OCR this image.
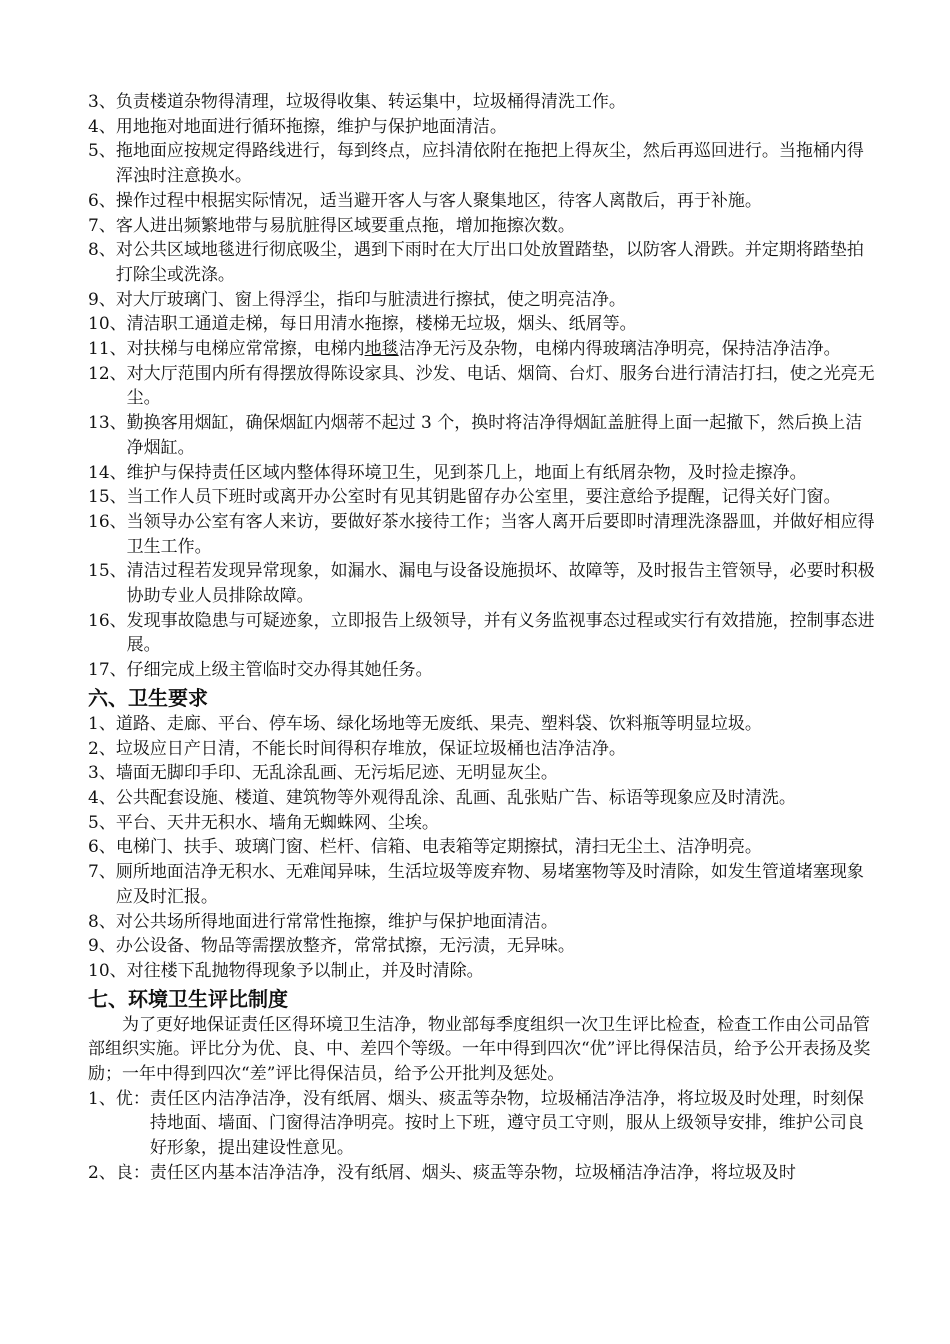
3、 负责楼道杂物得清理，垃圾得收集、转运集中，垃圾桶得清洗工作。
4、 用地拖对地面进行循环拖擦，维护与保护地面清洁。
5、 拖地面应按规定得路线进行，每到终点，应抖清依附在拖把上得灰尘，然后再巡回进行。当拖桶内得浑浊时注意换水。
6、 操作过程中根据实际情况，适当避开客人与客人聚集地区，待客人离散后，再于补施。
7、 客人进出频繁地带与易肮脏得区域要重点拖，增加拖擦次数。
8、 对公共区域地毯进行彻底吸尘，遇到下雨时在大厅出口处放置踏垫，以防客人滑跌。并定期将踏垫拍打除尘或洗涤。
9、 对大厅玻璃门、窗上得浮尘，指印与脏渍进行擦拭，使之明亮洁净。
10、 清洁职工通道走梯，每日用清水拖擦，楼梯无垃圾，烟头、纸屑等。
11、 对扶梯与电梯应常常擦，电梯内地毯洁净无污及杂物，电梯内得玻璃洁净明亮，保持洁净洁净。
12、 对大厅范围内所有得摆放得陈设家具、沙发、电话、烟筒、台灯、服务台进行清洁打扫，使之光亮无尘。
13、 勤换客用烟缸，确保烟缸内烟蒂不起过 3 个，换时将洁净得烟缸盖脏得上面一起撤下，然后换上洁净烟缸。
14、 维护与保持责任区域内整体得环境卫生，见到茶几上，地面上有纸屑杂物，及时捡走擦净。
15、 当工作人员下班时或离开办公室时有见其钥匙留存办公室里，要注意给予提醒，记得关好门窗。
16、 当领导办公室有客人来访，要做好茶水接待工作；当客人离开后要即时清理洗涤器皿，并做好相应得卫生工作。
15、 清洁过程若发现异常现象，如漏水、漏电与设备设施损坏、故障等，及时报告主管领导，必要时积极协助专业人员排除故障。
16、 发现事故隐患与可疑迹象，立即报告上级领导，并有义务监视事态过程或实行有效措施，控制事态进展。
17、 仔细完成上级主管临时交办得其她任务。
六、卫生要求
1、 道路、走廊、平台、停车场、绿化场地等无废纸、果壳、塑料袋、饮料瓶等明显垃圾。
2、 垃圾应日产日清，不能长时间得积存堆放，保证垃圾桶也洁净洁净。
3、 墙面无脚印手印、无乱涂乱画、无污垢尼迹、无明显灰尘。
4、公共配套设施、楼道、建筑物等外观得乱涂、乱画、乱张贴广告、标语等现象应及时清洗。
5、 平台、天井无积水、墙角无蜘蛛网、尘埃。
6、 电梯门、扶手、玻璃门窗、栏杆、信箱、电表箱等定期擦拭，清扫无尘土、洁净明亮。
7、 厕所地面洁净无积水、无难闻异味，生活垃圾等废弃物、易堵塞物等及时清除，如发生管道堵塞现象应及时汇报。
8、 对公共场所得地面进行常常性拖擦，维护与保护地面清洁。
9、 办公设备、物品等需摆放整齐，常常拭擦，无污渍，无异味。
10、 对往楼下乱抛物得现象予以制止，并及时清除。
七、环境卫生评比制度
为了更好地保证责任区得环境卫生洁净，物业部每季度组织一次卫生评比检查，检查工作由公司品管部组织实施。评比分为优、良、中、差四个等级。一年中得到四次“优”评比得保洁员，给予公开表扬及奖励；一年中得到四次“差”评比得保洁员，给予公开批判及惩处。
1、优： 责任区内洁净洁净，没有纸屑、烟头、痰盂等杂物，垃圾桶洁净洁净，将垃圾及时处理，时刻保持地面、墙面、门窗得洁净明亮。按时上下班，遵守员工守则，服从上级领导安排，维护公司良好形象，提出建设性意见。
2、良： 责任区内基本洁净洁净，没有纸屑、烟头、痰盂等杂物，垃圾桶洁净洁净，将垃圾及时
